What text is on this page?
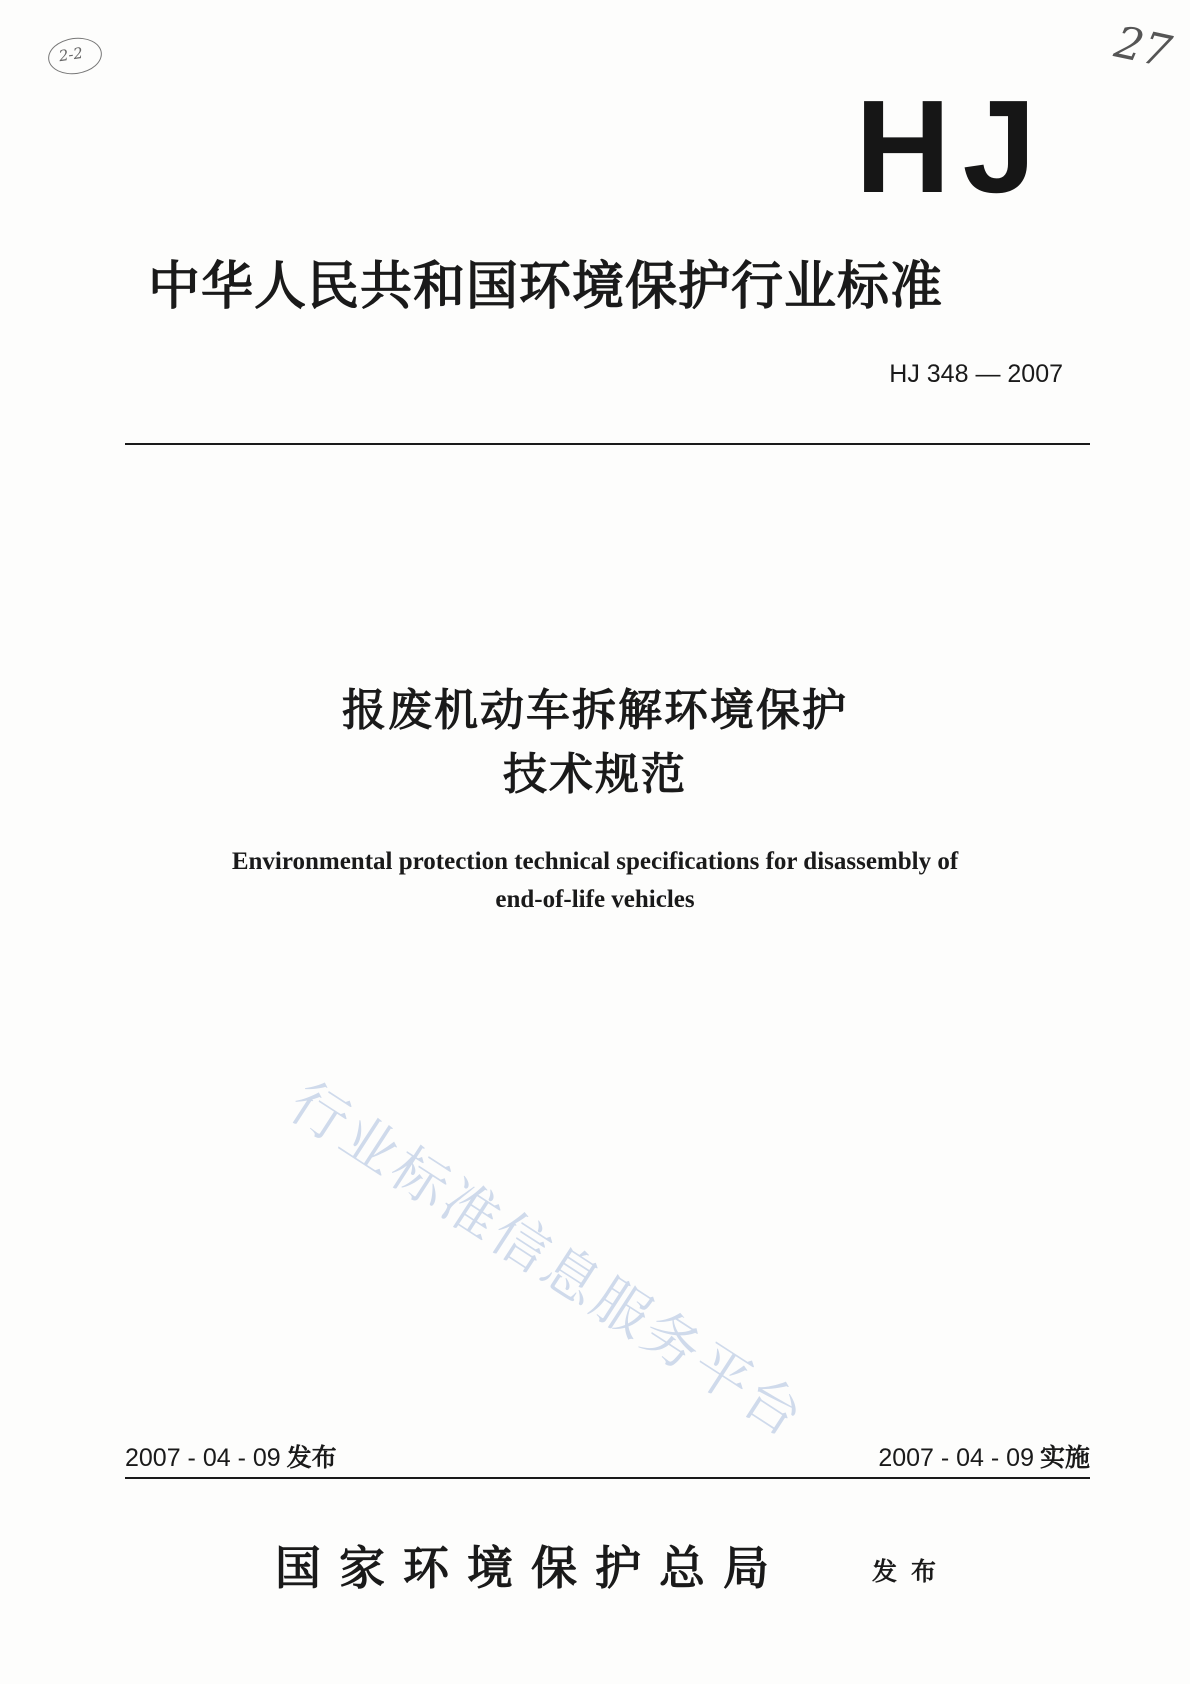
2-2	27
HJ
中华人民共和国环境保护行业标准
HJ 348 — 2007
报废机动车拆解环境保护
技术规范
Environmental protection technical specifications for disassembly of
end-of-life vehicles
行业标准信息服务平台
2007 - 04 - 09 发布	2007 - 04 - 09 实施
国家环境保护总局	发布
